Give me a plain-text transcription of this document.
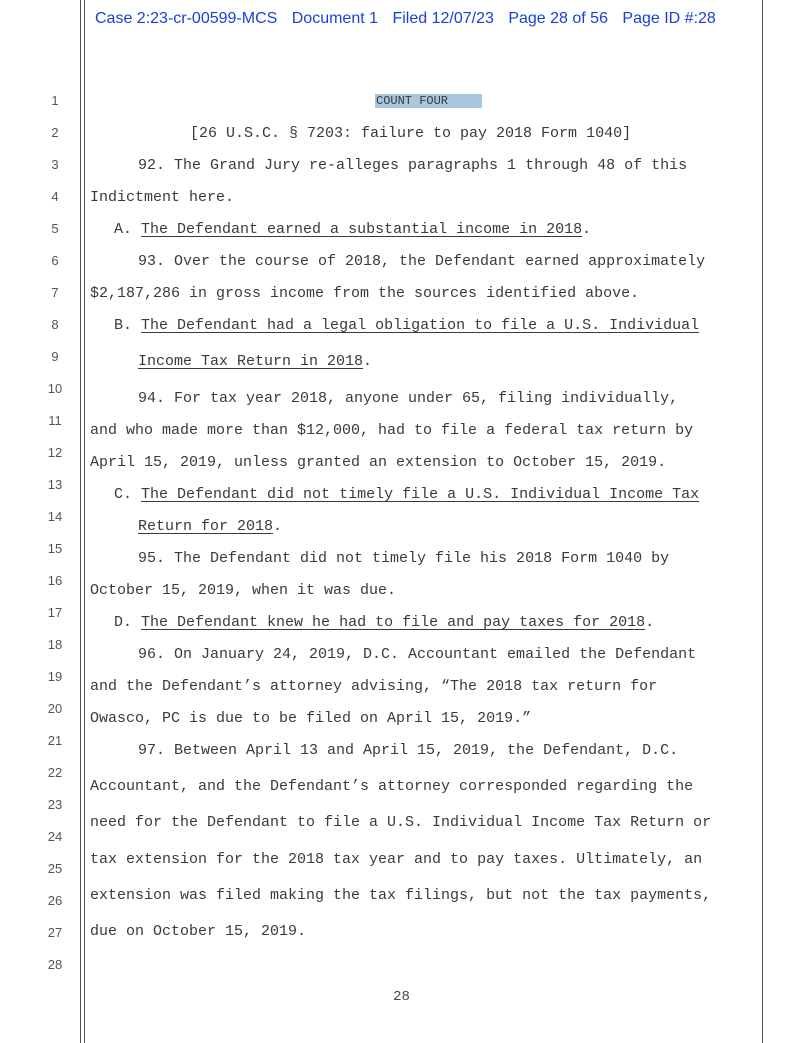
Case 2:23-cr-00599-MCS Document 1 Filed 12/07/23 Page 28 of 56 Page ID #:28
1
2
3
4
5
6
7
8
9
10
11
12
13
14
15
16
17
18
19
20
21
22
23
24
25
26
27
28
COUNT FOUR
[26 U.S.C. § 7203: failure to pay 2018 Form 1040]
92. The Grand Jury re-alleges paragraphs 1 through 48 of this
Indictment here.
A. The Defendant earned a substantial income in 2018.
93. Over the course of 2018, the Defendant earned approximately
$2,187,286 in gross income from the sources identified above.
B. The Defendant had a legal obligation to file a U.S. Individual
Income Tax Return in 2018.
94. For tax year 2018, anyone under 65, filing individually,
and who made more than $12,000, had to file a federal tax return by
April 15, 2019, unless granted an extension to October 15, 2019.
C. The Defendant did not timely file a U.S. Individual Income Tax
Return for 2018.
95. The Defendant did not timely file his 2018 Form 1040 by
October 15, 2019, when it was due.
D. The Defendant knew he had to file and pay taxes for 2018.
96. On January 24, 2019, D.C. Accountant emailed the Defendant
and the Defendant’s attorney advising, “The 2018 tax return for
Owasco, PC is due to be filed on April 15, 2019.”
97. Between April 13 and April 15, 2019, the Defendant, D.C.
Accountant, and the Defendant’s attorney corresponded regarding the
need for the Defendant to file a U.S. Individual Income Tax Return or
tax extension for the 2018 tax year and to pay taxes. Ultimately, an
extension was filed making the tax filings, but not the tax payments,
due on October 15, 2019.
28
